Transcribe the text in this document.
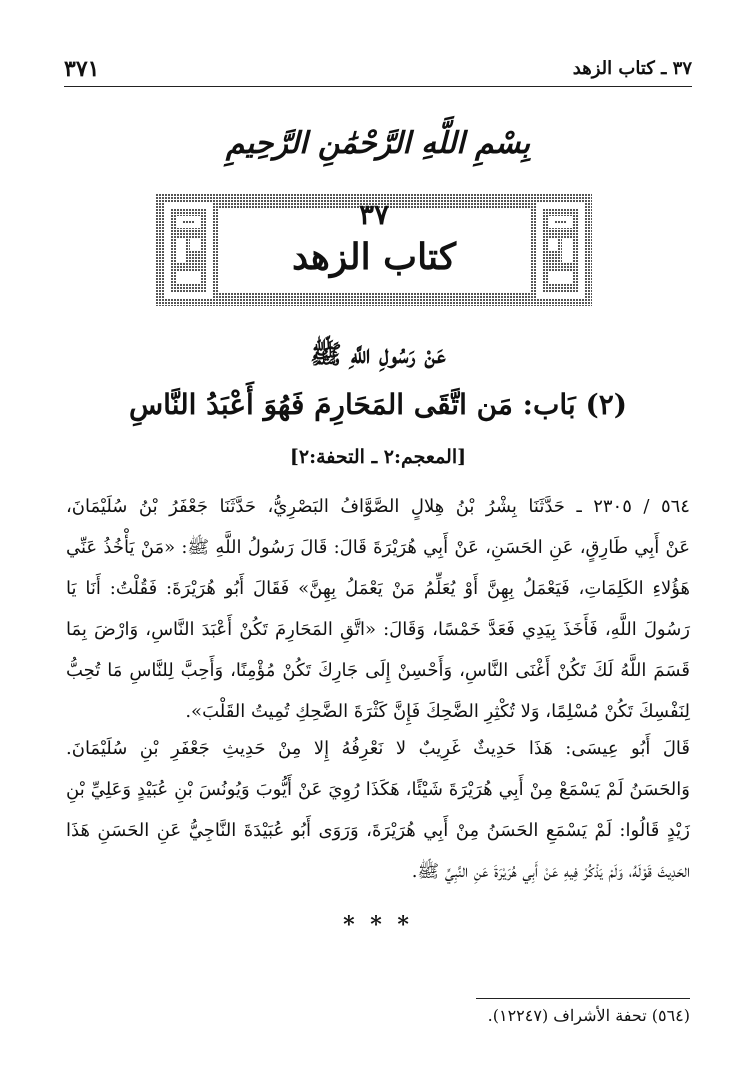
٣٧ ـ كتاب الزهد
٣٧١
بِسْمِ اللَّهِ الرَّحْمَٰنِ الرَّحِيمِ
٣٧
كتاب الزهد
عَنْ رَسُولِ اللَّهِ ﷺ
(٢) بَاب: مَن اتَّقَى المَحَارِمَ فَهُوَ أَعْبَدُ النَّاسِ
[المعجم:٢ ـ التحفة:٢]
٥٦٤ / ٢٣٠٥ ـ حَدَّثَنَا بِشْرُ بْنُ هِلالٍ الصَّوَّافُ البَصْرِيُّ، حَدَّثَنَا جَعْفَرُ بْنُ سُلَيْمَانَ،
عَنْ أَبِي طَارِقٍ، عَنِ الحَسَنِ، عَنْ أَبِي هُرَيْرَةَ قَالَ: قَالَ رَسُولُ اللَّهِ ﷺ: «مَنْ يَأْخُذُ عَنِّي
هَؤُلاءِ الكَلِمَاتِ، فَيَعْمَلُ بِهِنَّ أَوْ يُعَلِّمُ مَنْ يَعْمَلُ بِهِنَّ» فَقَالَ أَبُو هُرَيْرَةَ: فَقُلْتُ: أَنَا يَا
رَسُولَ اللَّهِ، فَأَخَذَ بِيَدِي فَعَدَّ خَمْسًا، وَقَالَ: «اتَّقِ المَحَارِمَ تَكُنْ أَعْبَدَ النَّاسِ، وَارْضَ بِمَا
قَسَمَ اللَّهُ لَكَ تَكُنْ أَغْنَى النَّاسِ، وَأَحْسِنْ إِلَى جَارِكَ تَكُنْ مُؤْمِنًا، وَأَحِبَّ لِلنَّاسِ مَا تُحِبُّ
لِنَفْسِكَ تَكُنْ مُسْلِمًا، وَلا تُكْثِرِ الضَّحِكَ فَإِنَّ كَثْرَةَ الضَّحِكِ تُمِيتُ القَلْبَ».
قَالَ أَبُو عِيسَى: هَذَا حَدِيثٌ غَرِيبٌ لا نَعْرِفُهُ إِلا مِنْ حَدِيثِ جَعْفَرِ بْنِ سُلَيْمَانَ.
وَالحَسَنُ لَمْ يَسْمَعْ مِنْ أَبِي هُرَيْرَةَ شَيْئًا، هَكَذَا رُوِيَ عَنْ أَيُّوبَ وَيُونُسَ بْنِ عُبَيْدٍ وَعَلِيِّ بْنِ
زَيْدٍ قَالُوا: لَمْ يَسْمَعِ الحَسَنُ مِنْ أَبِي هُرَيْرَةَ، وَرَوَى أَبُو عُبَيْدَةَ النَّاجِيُّ عَنِ الحَسَنِ هَذَا
الحَدِيثَ قَوْلَهُ، وَلَمْ يَذْكُرْ فِيهِ عَنْ أَبِي هُرَيْرَةَ عَنِ النَّبِيِّ ﷺ.
* * *
(٥٦٤) تحفة الأشراف (١٢٢٤٧).
